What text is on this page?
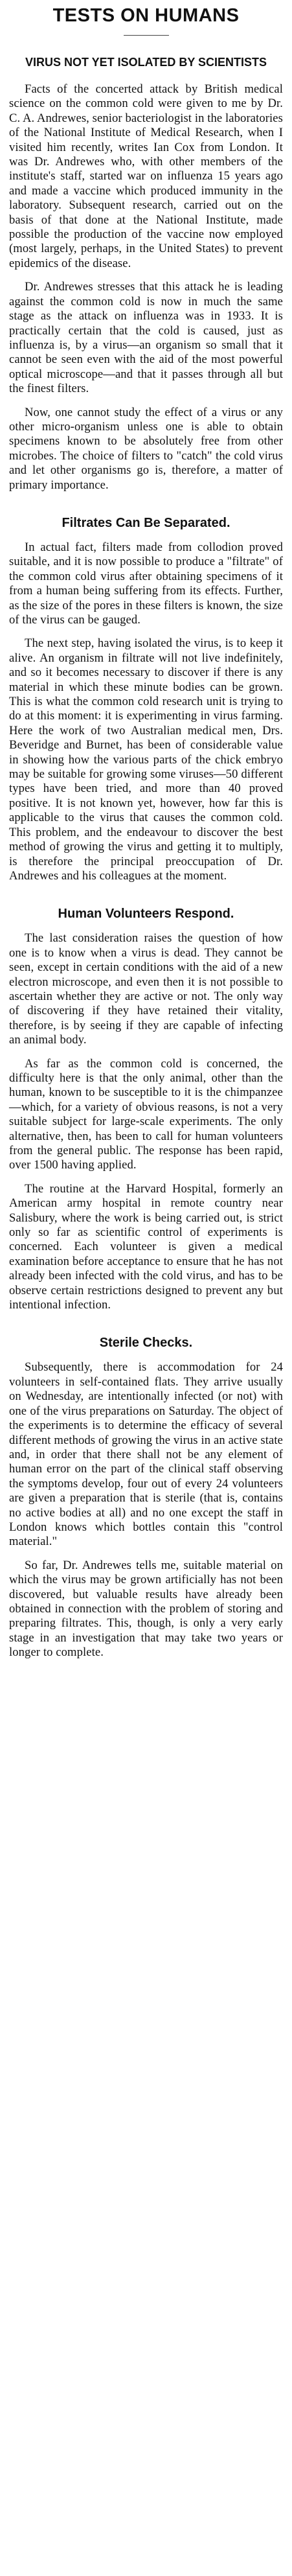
TESTS ON HUMANS
VIRUS NOT YET ISOLATED BY SCIENTISTS

Facts of the concerted attack by British medical science on the common cold were given to me by Dr. C. A. Andrewes, senior bacteriologist in the laboratories of the National Institute of Medical Research, when I visited him recently, writes Ian Cox from London. It was Dr. Andrewes who, with other members of the institute's staff, started war on influenza 15 years ago and made a vaccine which produced immunity in the laboratory. Subsequent research, carried out on the basis of that done at the National Institute, made possible the production of the vaccine now employed (most largely, perhaps, in the United States) to prevent epidemics of the disease.

Dr. Andrewes stresses that this attack he is leading against the common cold is now in much the same stage as the attack on influenza was in 1933. It is practically certain that the cold is caused, just as influenza is, by a virus—an organism so small that it cannot be seen even with the aid of the most powerful optical microscope—and that it passes through all but the finest filters.

Now, one cannot study the effect of a virus or any other micro-organism unless one is able to obtain specimens known to be absolutely free from other microbes. The choice of filters to "catch" the cold virus and let other organisms go is, therefore, a matter of primary importance.

Filtrates Can Be Separated.

In actual fact, filters made from collodion proved suitable, and it is now possible to produce a "filtrate" of the common cold virus after obtaining specimens of it from a human being suffering from its effects. Further, as the size of the pores in these filters is known, the size of the virus can be gauged.

The next step, having isolated the virus, is to keep it alive. An organism in filtrate will not live indefinitely, and so it becomes necessary to discover if there is any material in which these minute bodies can be grown. This is what the common cold research unit is trying to do at this moment: it is experimenting in virus farming. Here the work of two Australian medical men, Drs. Beveridge and Burnet, has been of considerable value in showing how the various parts of the chick embryo may be suitable for growing some viruses—50 different types have been tried, and more than 40 proved positive. It is not known yet, however, how far this is applicable to the virus that causes the common cold. This problem, and the endeavour to discover the best method of growing the virus and getting it to multiply, is therefore the principal preoccupation of Dr. Andrewes and his colleagues at the moment.

Human Volunteers Respond.

The last consideration raises the question of how one is to know when a virus is dead. They cannot be seen, except in certain conditions with the aid of a new electron microscope, and even then it is not possible to ascertain whether they are active or not. The only way of discovering if they have retained their vitality, therefore, is by seeing if they are capable of infecting an animal body.

As far as the common cold is concerned, the difficulty here is that the only animal, other than the human, known to be susceptible to it is the chimpanzee—which, for a variety of obvious reasons, is not a very suitable subject for large-scale experiments. The only alternative, then, has been to call for human volunteers from the general public. The response has been rapid, over 1500 having applied.

The routine at the Harvard Hospital, formerly an American army hospital in remote country near Salisbury, where the work is being carried out, is strict only so far as scientific control of experiments is concerned. Each volunteer is given a medical examination before acceptance to ensure that he has not already been infected with the cold virus, and has to be observe certain restrictions designed to prevent any but intentional infection.

Sterile Checks.

Subsequently, there is accommodation for 24 volunteers in self-contained flats. They arrive usually on Wednesday, are intentionally infected (or not) with one of the virus preparations on Saturday. The object of the experiments is to determine the efficacy of several different methods of growing the virus in an active state and, in order that there shall not be any element of human error on the part of the clinical staff observing the symptoms develop, four out of every 24 volunteers are given a preparation that is sterile (that is, contains no active bodies at all) and no one except the staff in London knows which bottles contain this "control material."

So far, Dr. Andrewes tells me, suitable material on which the virus may be grown artificially has not been discovered, but valuable results have already been obtained in connection with the problem of storing and preparing filtrates. This, though, is only a very early stage in an investigation that may take two years or longer to complete.
